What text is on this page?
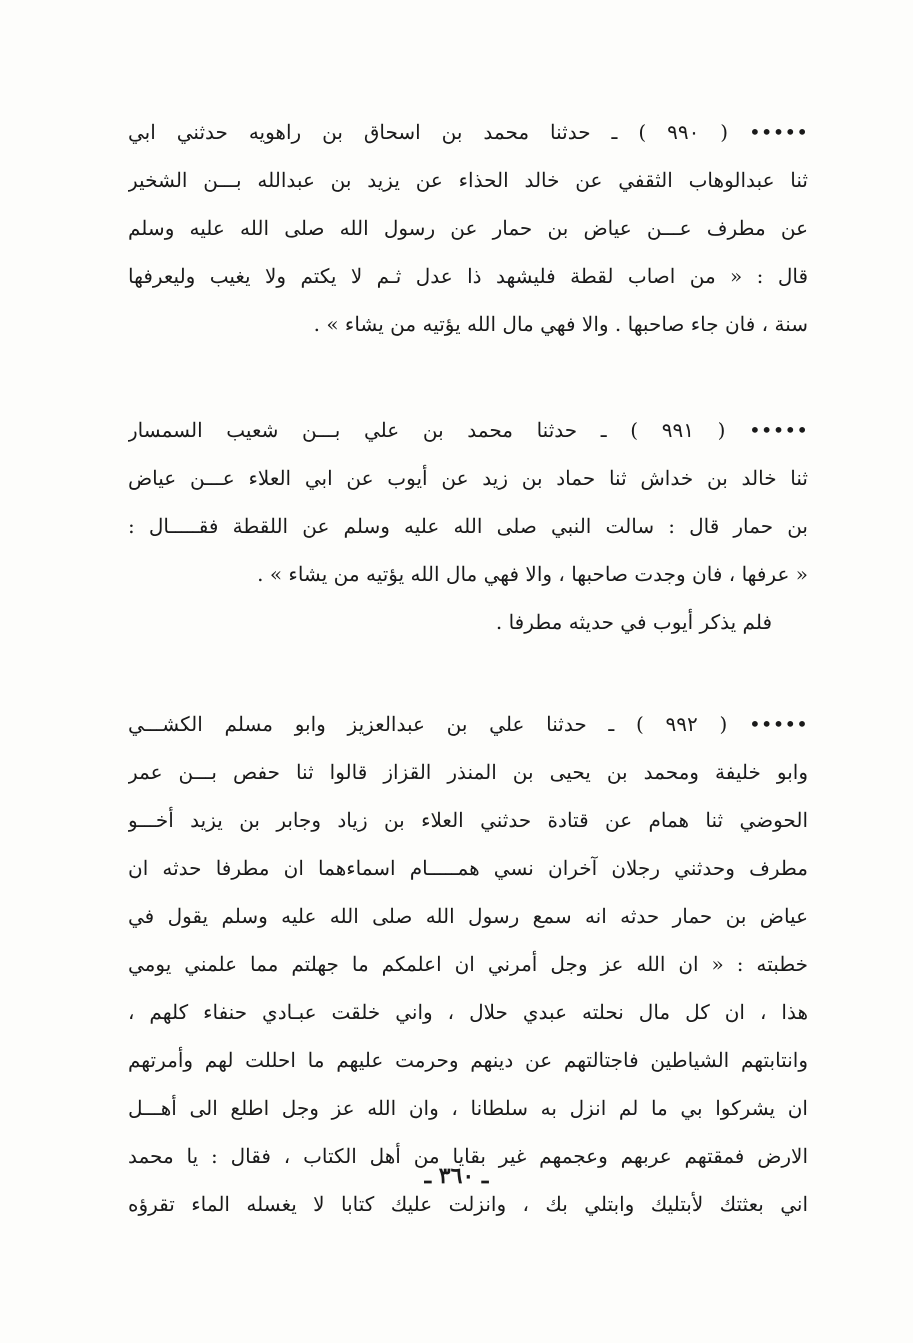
••••• ( ٩٩٠ ) ـ حدثنا محمد بن اسحاق بن راهويه حدثني ابي
ثنا عبدالوهاب الثقفي عن خالد الحذاء عن يزيد بن عبدالله بـــن الشخير
عن مطرف عـــن عياض بن حمار عن رسول الله صلى الله عليه وسلم
قال : « من اصاب لقطة فليشهد ذا عدل ثـم لا يكتم ولا يغيب وليعرفها
سنة ، فان جاء صاحبها . والا فهي مال الله يؤتيه من يشاء » .
••••• ( ٩٩١ ) ـ حدثنا محمد بن علي بـــن شعيب السمسار
ثنا خالد بن خداش ثنا حماد بن زيد عن أيوب عن ابي العلاء عـــن عياض
بن حمار قال : سالت النبي صلى الله عليه وسلم عن اللقطة فقـــــال :
« عرفها ، فان وجدت صاحبها ، والا فهي مال الله يؤتيه من يشاء » .
فلم يذكر أيوب في حديثه مطرفا .
••••• ( ٩٩٢ ) ـ حدثنا علي بن عبدالعزيز وابو مسلم الكشـــي
وابو خليفة ومحمد بن يحيى بن المنذر القزاز قالوا ثنا حفص بـــن عمر
الحوضي ثنا همام عن قتادة حدثني العلاء بن زياد وجابر بن يزيد أخـــو
مطرف وحدثني رجلان آخران نسي همـــــام اسماءهما ان مطرفا حدثه ان
عياض بن حمار حدثه انه سمع رسول الله صلى الله عليه وسلم يقول في
خطبته : « ان الله عز وجل أمرني ان اعلمكم ما جهلتم مما علمني يومي
هذا ، ان كل مال نحلته عبدي حلال ، واني خلقت عبـادي حنفاء كلهم ،
وانتابتهم الشياطين فاجتالتهم عن دينهم وحرمت عليهم ما احللت لهم وأمرتهم
ان يشركوا بي ما لم انزل به سلطانا ، وان الله عز وجل اطلع الى أهـــل
الارض فمقتهم عربهم وعجمهم غير بقايا من أهل الكتاب ، فقال : يا محمد
اني بعثتك لأبتليك وابتلي بك ، وانزلت عليك كتابا لا يغسله الماء تقرؤه
ـ ٣٦٠ ـ
